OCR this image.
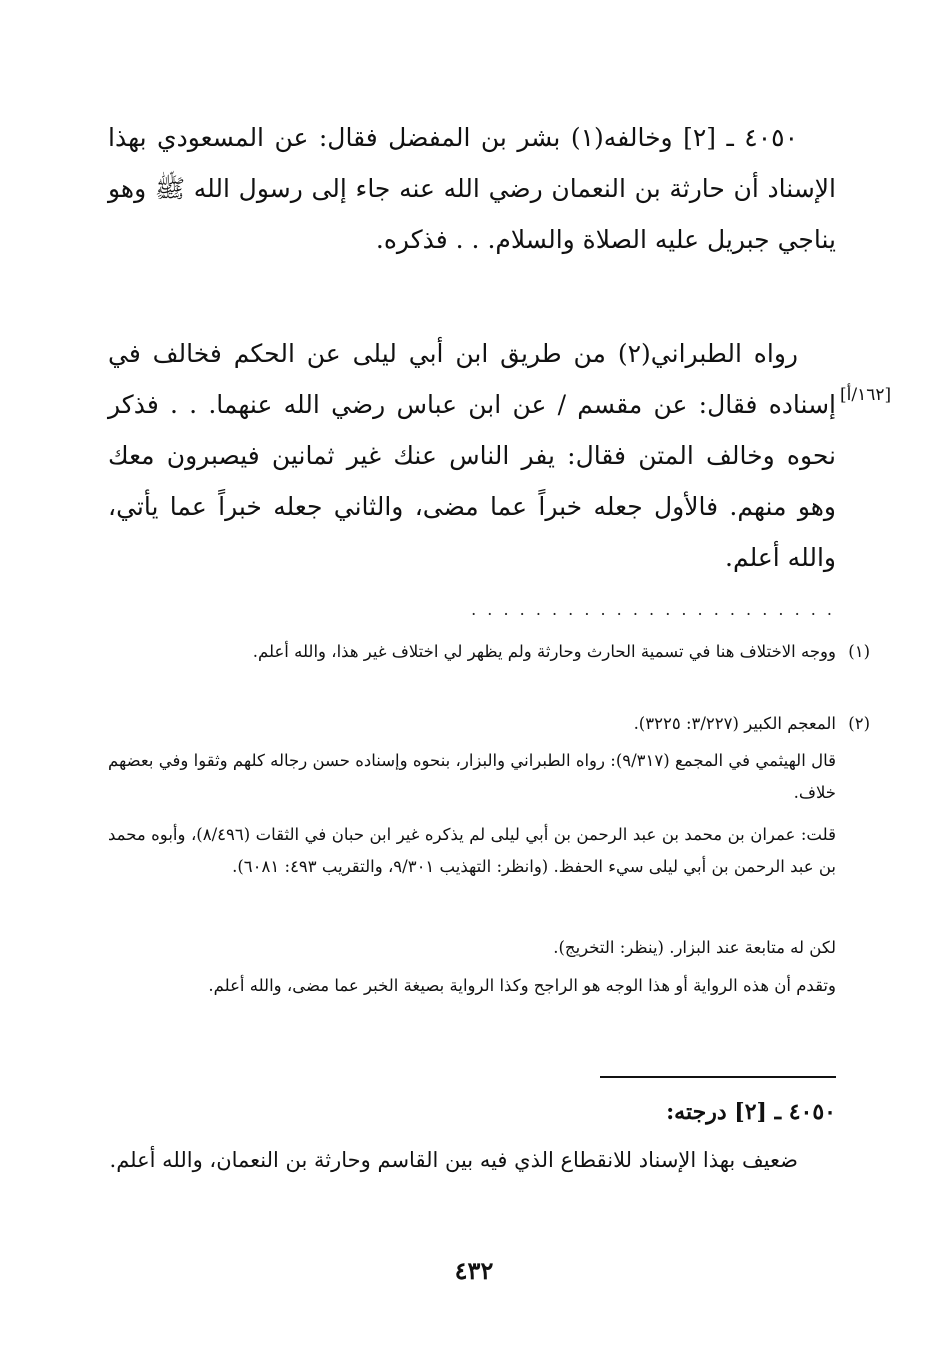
٤٠٥٠ ـ [٢] وخالفه(١) بشر بن المفضل فقال: عن المسعودي بهذا الإسناد أن حارثة بن النعمان رضي الله عنه جاء إلى رسول الله ﷺ وهو يناجي جبريل عليه الصلاة والسلام. . . فذكره.
[١٦٢/أ]
رواه الطبراني(٢) من طريق ابن أبي ليلى عن الحكم فخالف في إسناده فقال: عن مقسم / عن ابن عباس رضي الله عنهما. . . فذكر نحوه وخالف المتن فقال: يفر الناس عنك غير ثمانين فيصبرون معك وهو منهم. فالأول جعله خبراً عما مضى، والثاني جعله خبراً عما يأتي، والله أعلم.
. . . . . . . . . . . . . . . . . . . . . . .
(١)ووجه الاختلاف هنا في تسمية الحارث وحارثة ولم يظهر لي اختلاف غير هذا، والله أعلم.
(٢)المعجم الكبير (٣/٢٢٧: ٣٢٢٥).
قال الهيثمي في المجمع (٩/٣١٧): رواه الطبراني والبزار، بنحوه وإسناده حسن رجاله كلهم وثقوا وفي بعضهم خلاف.
قلت: عمران بن محمد بن عبد الرحمن بن أبي ليلى لم يذكره غير ابن حبان في الثقات (٨/٤٩٦)، وأبوه محمد بن عبد الرحمن بن أبي ليلى سيء الحفظ. (وانظر: التهذيب ٩/٣٠١، والتقريب ٤٩٣: ٦٠٨١).
لكن له متابعة عند البزار. (ينظر: التخريج).
وتقدم أن هذه الرواية أو هذا الوجه هو الراجح وكذا الرواية بصيغة الخبر عما مضى، والله أعلم.
٤٠٥٠ ـ [٢] درجته:
ضعيف بهذا الإسناد للانقطاع الذي فيه بين القاسم وحارثة بن النعمان، والله أعلم.
٤٣٢
